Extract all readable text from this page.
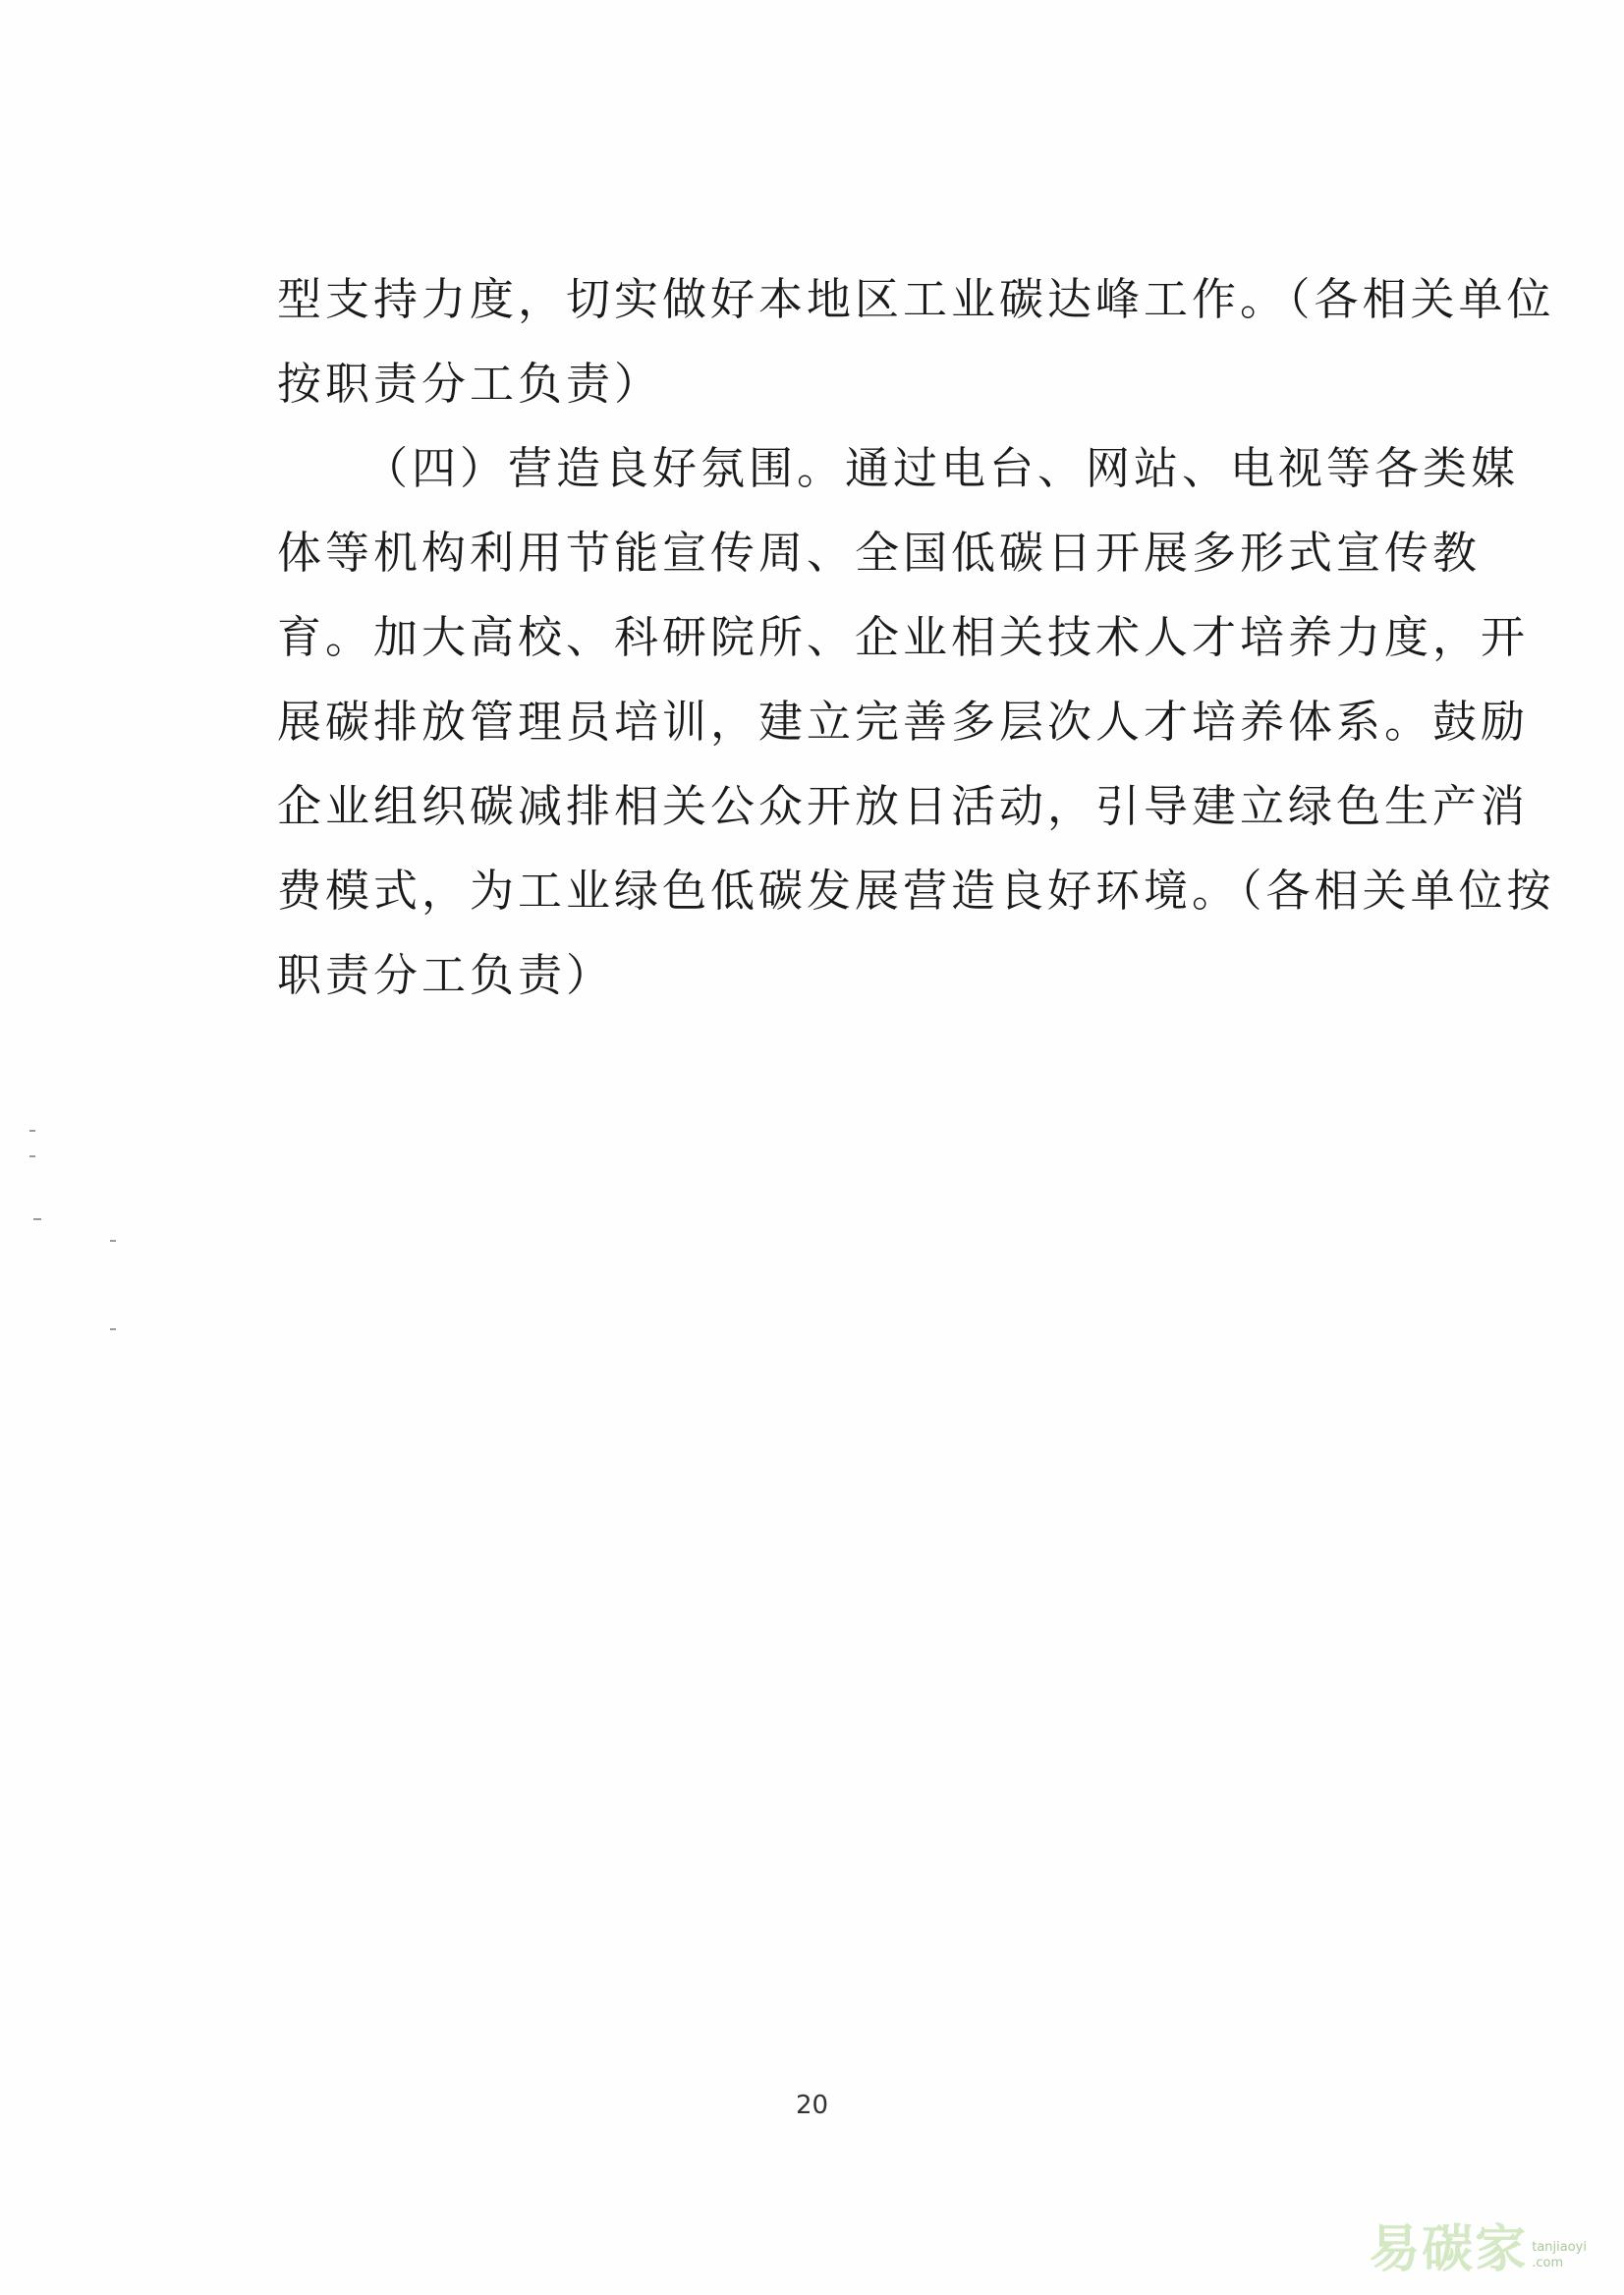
型支持力度，切实做好本地区工业碳达峰工作。（各相关单位
按职责分工负责）
（四）营造良好氛围。通过电台、网站、电视等各类媒
体等机构利用节能宣传周、全国低碳日开展多形式宣传教
育。加大高校、科研院所、企业相关技术人才培养力度，开
展碳排放管理员培训，建立完善多层次人才培养体系。鼓励
企业组织碳减排相关公众开放日活动，引导建立绿色生产消
费模式，为工业绿色低碳发展营造良好环境。（各相关单位按
职责分工负责）
20
易碳家 tanjiaoyi
.com
